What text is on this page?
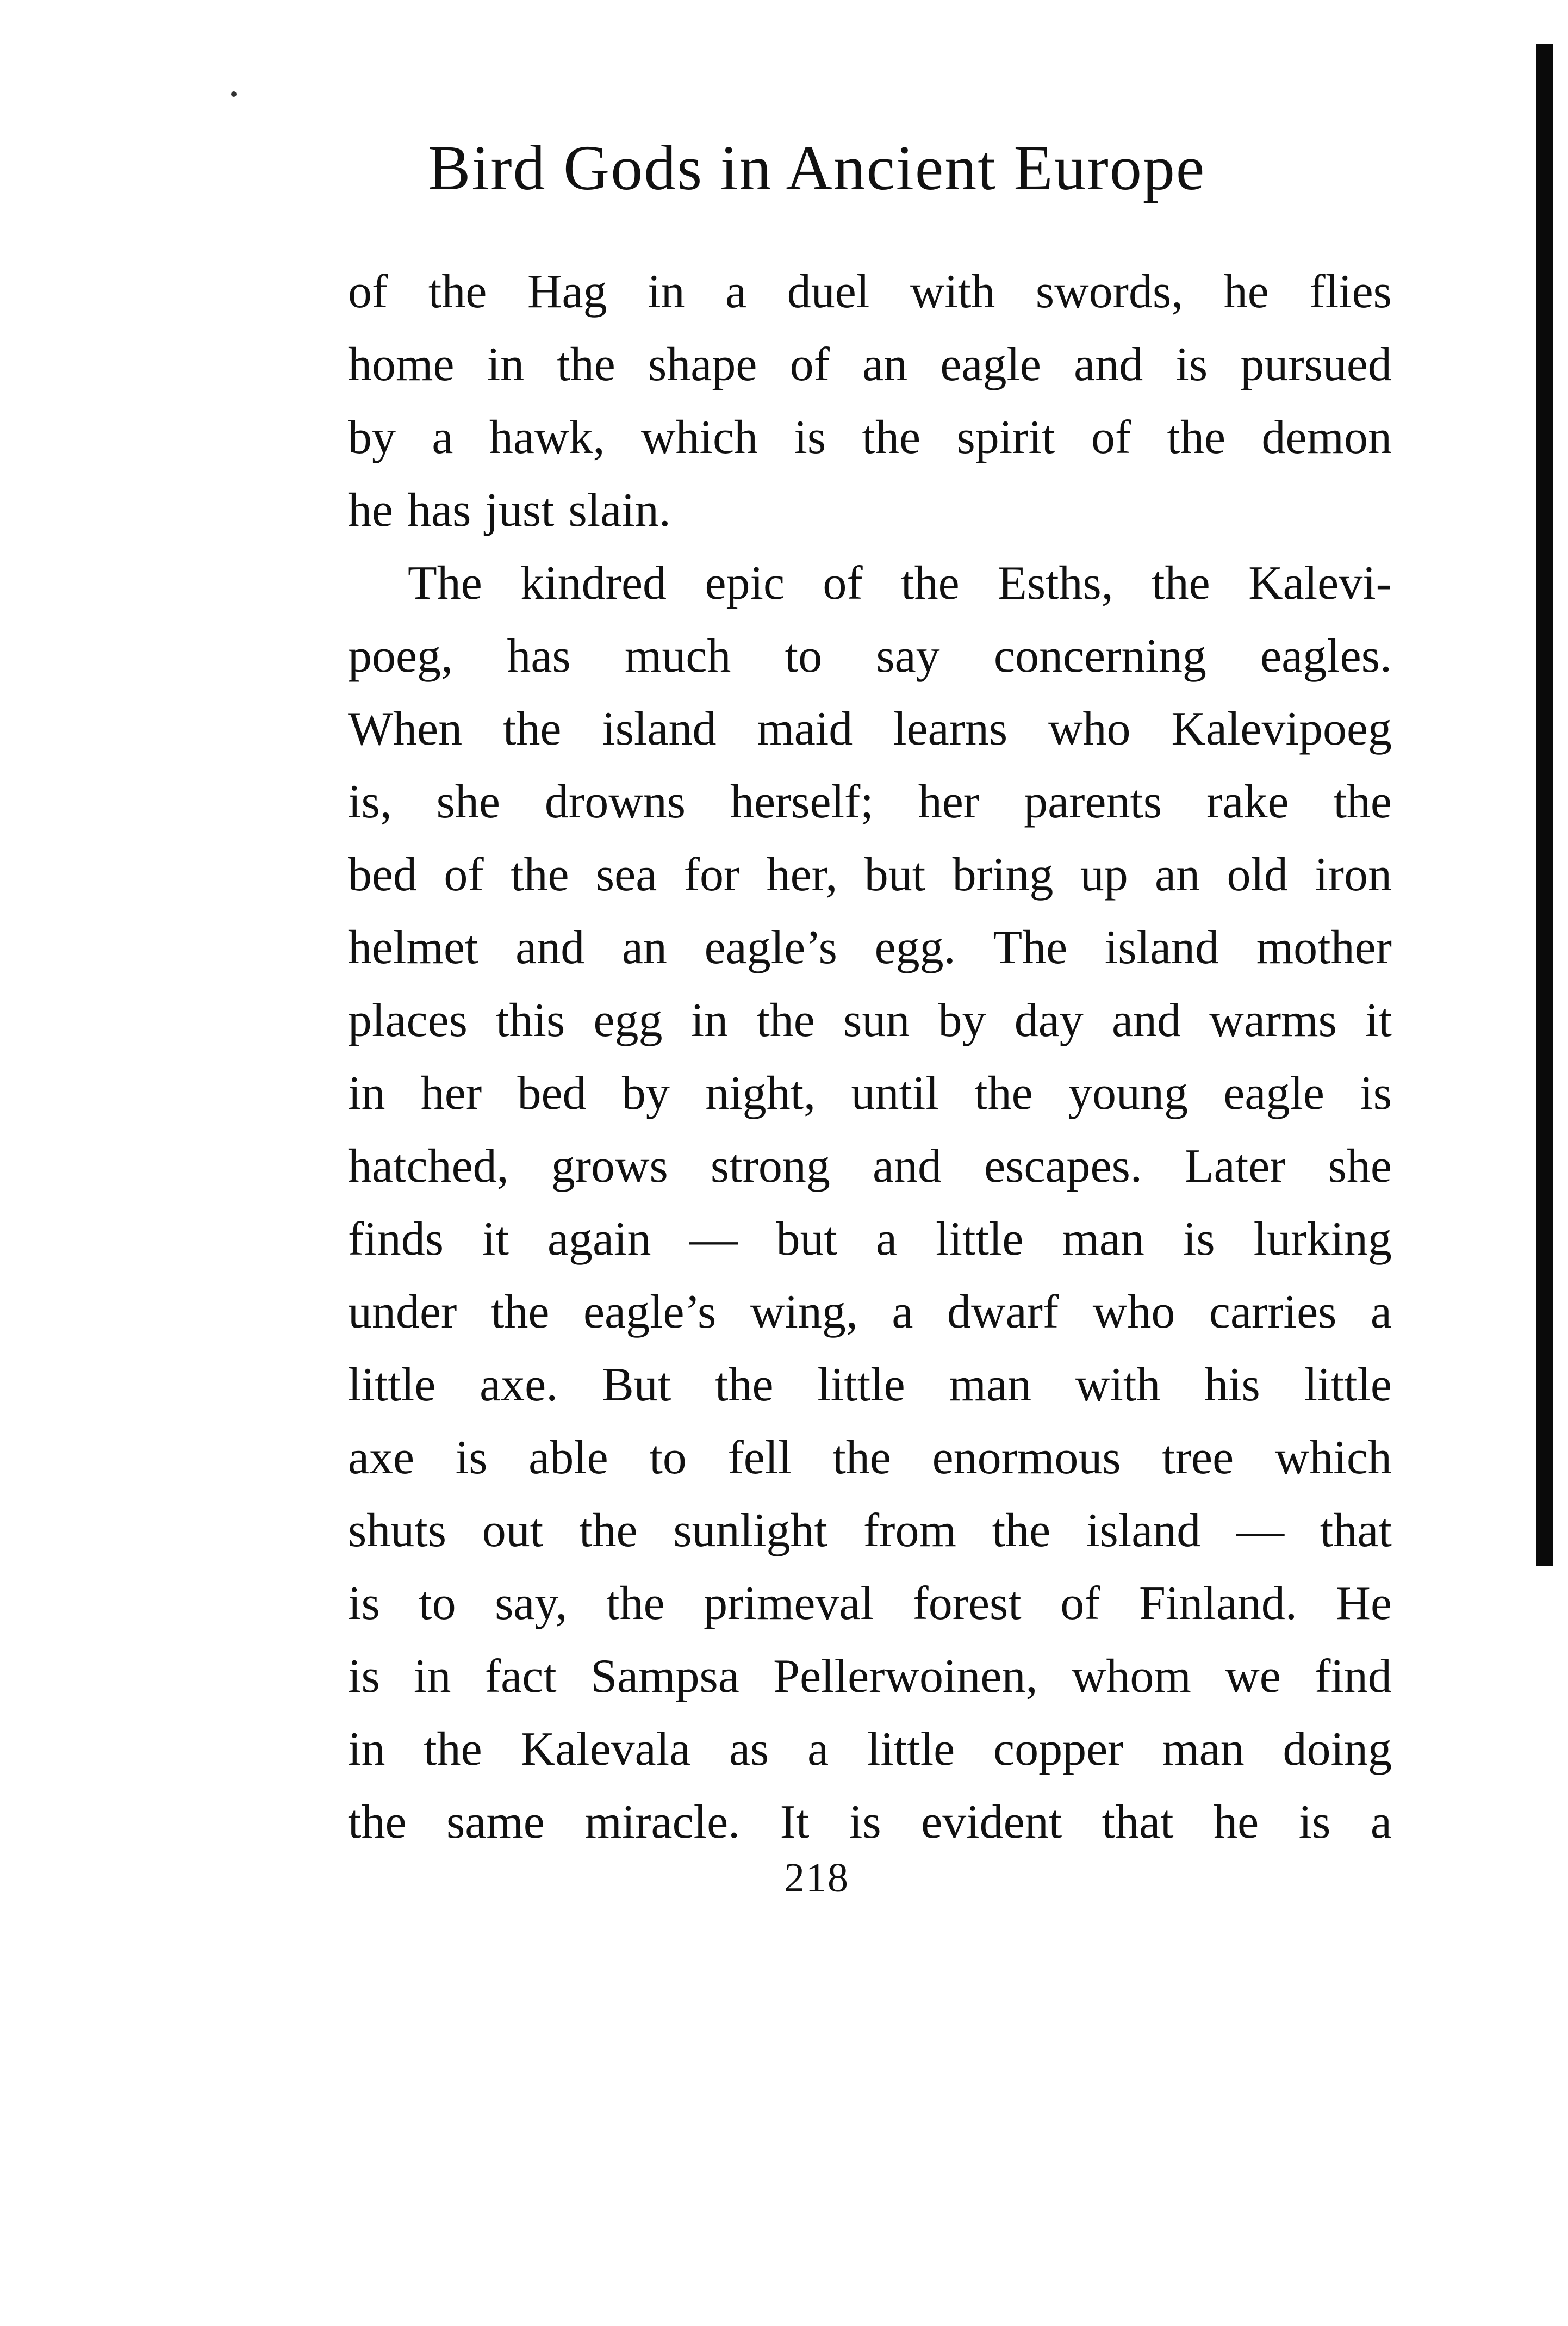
Bird Gods in Ancient Europe
of the Hag in a duel with swords, he flies
home in the shape of an eagle and is pursued
by a hawk, which is the spirit of the demon
he has just slain.
The kindred epic of the Esths, the Kalevi-
poeg, has much to say concerning eagles.
When the island maid learns who Kalevipoeg
is, she drowns herself; her parents rake the
bed of the sea for her, but bring up an old iron
helmet and an eagle’s egg. The island mother
places this egg in the sun by day and warms it
in her bed by night, until the young eagle is
hatched, grows strong and escapes. Later she
finds it again — but a little man is lurking
under the eagle’s wing, a dwarf who carries a
little axe. But the little man with his little
axe is able to fell the enormous tree which
shuts out the sunlight from the island — that
is to say, the primeval forest of Finland. He
is in fact Sampsa Pellerwoinen, whom we find
in the Kalevala as a little copper man doing
the same miracle. It is evident that he is a
218
